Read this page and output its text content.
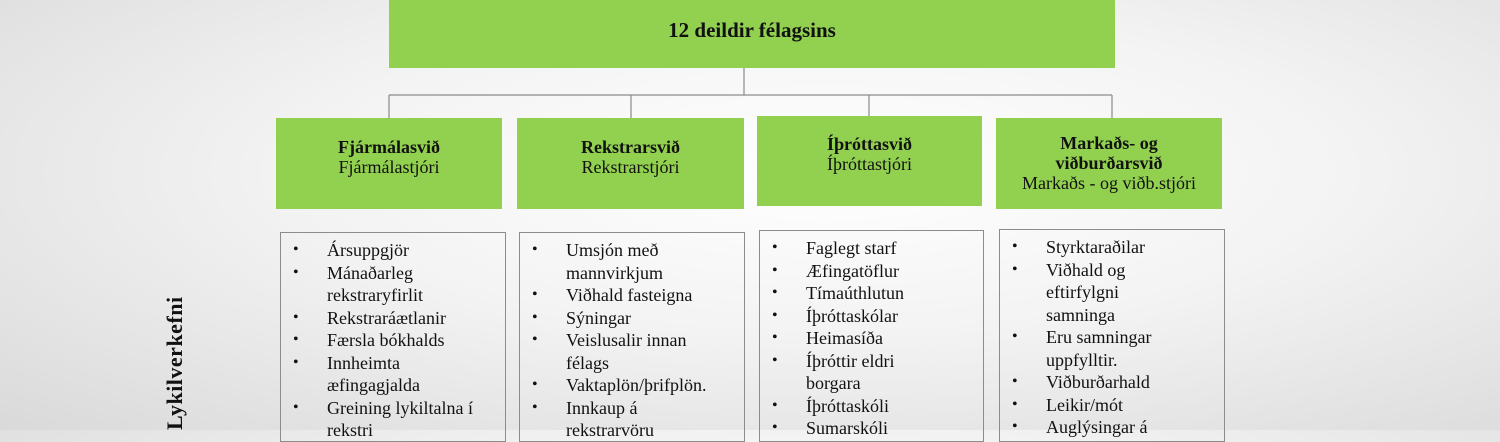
12 deildir félagsins
Fjármálasvið
Fjármálastjóri
Rekstrarsvið
Rekstrarstjóri
Íþróttasvið
Íþróttastjóri
Markaðs- og viðburðarsvið
Markaðs - og viðb.stjóri
• Ársuppgjör
• Mánaðarleg
rekstraryfirlit
• Rekstraráætlanir
• Færsla bókhalds
• Innheimta
æfingagjalda
• Greining lykiltalna í
rekstri
• Umsjón með
mannvirkjum
• Viðhald fasteigna
• Sýningar
• Veislusalir innan
félags
• Vaktaplön/þrifplön.
• Innkaup á
rekstrarvöru
• Faglegt starf
• Æfingatöflur
• Tímaúthlutun
• Íþróttaskólar
• Heimasíða
• Íþróttir eldri
borgara
• Íþróttaskóli
• Sumarskóli
• Styrktaraðilar
• Viðhald og
eftirfylgni
samninga
• Eru samningar
uppfylltir.
• Viðburðarhald
• Leikir/mót
• Auglýsingar á
Lykilverkefni
